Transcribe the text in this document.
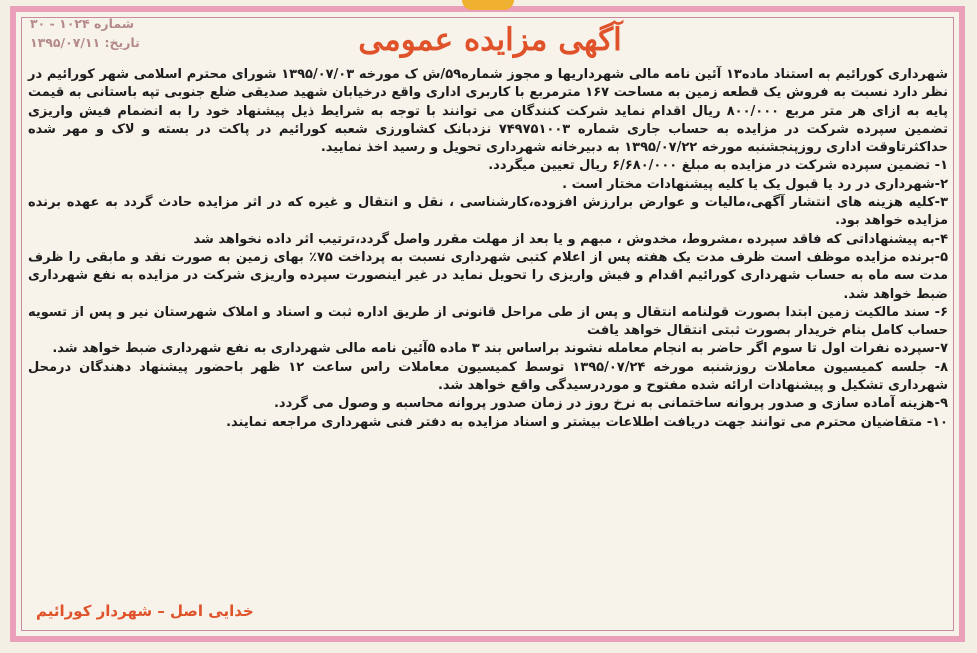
شماره ۱۰۲۴ - ۳۰
تاریخ: ۱۳۹۵/۰۷/۱۱	آگهی مزایده عمومی

شهرداری کورائیم به استناد ماده۱۳ آئین نامه مالی شهرداریها و مجوز شماره۵۹/ش ک مورخه ۱۳۹۵/۰۷/۰۳ شورای محترم اسلامی شهر کورائیم در نظر دارد نسبت به فروش یک قطعه زمین به مساحت ۱۶۷ مترمربع با کاربری اداری واقع درخیابان شهید صدیقی ضلع جنوبی تپه باستانی به قیمت پایه به ازای هر متر مربع ۸۰۰/۰۰۰ ریال اقدام نماید شرکت کنندگان می توانند با توجه به شرایط ذیل پیشنهاد خود را به انضمام فیش واریزی تضمین سپرده شرکت در مزایده به حساب جاری شماره ۷۴۹۷۵۱۰۰۳ نزدبانک کشاورزی شعبه کورائیم در پاکت در بسته و لاک و مهر شده حداکثرتاوقت اداری روزپنجشنبه مورخه ۱۳۹۵/۰۷/۲۲ به دبیرخانه شهرداری تحویل و رسید اخذ نمایید.

۱- تضمین سپرده شرکت در مزایده به مبلغ ۶/۶۸۰/۰۰۰ ریال تعیین میگردد.

۲-شهرداری در رد یا قبول یک یا کلیه پیشنهادات مختار است .

۳-کلیه هزینه های انتشار آگهی،مالیات و عوارض برارزش افزوده،کارشناسی ، نقل و انتقال و غیره که در اثر مزایده حادث گردد به عهده برنده مزایده خواهد بود.

۴-به پیشنهاداتی که فاقد سپرده ،مشروط، مخدوش ، مبهم و یا بعد از مهلت مقرر واصل گردد،ترتیب اثر داده نخواهد شد

۵-برنده مزایده موظف است ظرف مدت یک هفته پس از اعلام کتبی شهرداری نسبت به پرداخت ۷۵٪ بهای زمین به صورت نقد و مابقی را ظرف مدت سه ماه به حساب شهرداری کورائیم اقدام و فیش واریزی را تحویل نماید در غیر اینصورت سپرده واریزی شرکت در مزایده به نفع شهرداری ضبط خواهد شد.

۶- سند مالکیت زمین ابتدا بصورت قولنامه انتقال و پس از طی مراحل قانونی از طریق اداره ثبت و اسناد و املاک شهرستان نیر و پس از تسویه حساب کامل بنام خریدار بصورت ثبتی انتقال خواهد یافت

۷-سپرده نفرات اول تا سوم اگر حاضر به انجام معامله نشوند براساس بند ۳ ماده ۵آئین نامه مالی شهرداری به نفع شهرداری ضبط خواهد شد.

۸- جلسه کمیسیون معاملات روزشنبه مورخه ۱۳۹۵/۰۷/۲۴ توسط کمیسیون معاملات راس ساعت ۱۲ ظهر باحضور پیشنهاد دهندگان درمحل شهرداری تشکیل و پیشنهادات ارائه شده مفتوح و موردرسیدگی واقع خواهد شد.

۹-هزینه آماده سازی و صدور پروانه ساختمانی به نرخ روز در زمان صدور پروانه محاسبه و وصول می گردد.

۱۰- متقاضیان محترم می توانند جهت دریافت اطلاعات بیشتر و اسناد مزایده به دفتر فنی شهرداری مراجعه نمایند.

خدایی اصل – شهردار کورائیم
